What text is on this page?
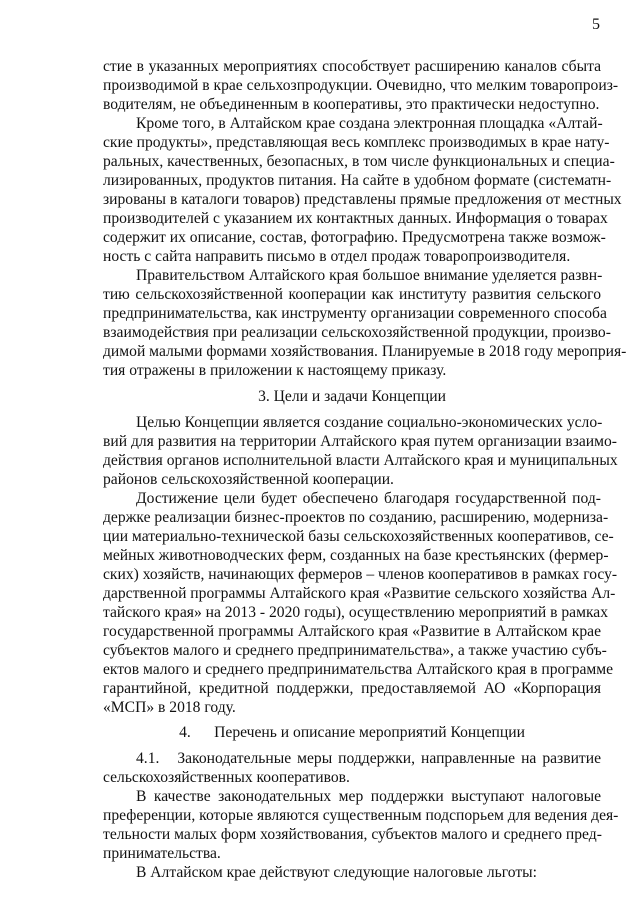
5
стие в указанных мероприятиях способствует расширению каналов сбыта
производимой в крае сельхозпродукции. Очевидно, что мелким товаропроиз-
водителям, не объединенным в кооперативы, это практически недоступно.
Кроме того, в Алтайском крае создана электронная площадка «Алтай-
ские продукты», представляющая весь комплекс производимых в крае нату-
ральных, качественных, безопасных, в том числе функциональных и специа-
лизированных, продуктов питания. На сайте в удобном формате (систематн-
зированы в каталоги товаров) представлены прямые предложения от местных
производителей с указанием их контактных данных. Информация о товарах
содержит их описание, состав, фотографию. Предусмотрена также возмож-
ность с сайта направить письмо в отдел продаж товаропроизводителя.
Правительством Алтайского края большое внимание уделяется развн-
тию сельскохозяйственной кооперации как институту развития сельского
предпринимательства, как инструменту организации современного способа
взаимодействия при реализации сельскохозяйственной продукции, произво-
димой малыми формами хозяйствования. Планируемые в 2018 году мероприя-
тия отражены в приложении к настоящему приказу.
3. Цели и задачи Концепции
Целью Концепции является создание социально-экономических усло-
вий для развития на территории Алтайского края путем организации взаимо-
действия органов исполнительной власти Алтайского края и муниципальных
районов сельскохозяйственной кооперации.
Достижение цели будет обеспечено благодаря государственной под-
держке реализации бизнес-проектов по созданию, расширению, модерниза-
ции материально-технической базы сельскохозяйственных кооперативов, се-
мейных животноводческих ферм, созданных на базе крестьянских (фермер-
ских) хозяйств, начинающих фермеров – членов кооперативов в рамках госу-
дарственной программы Алтайского края «Развитие сельского хозяйства Ал-
тайского края» на 2013 - 2020 годы), осуществлению мероприятий в рамках
государственной программы Алтайского края «Развитие в Алтайском крае
субъектов малого и среднего предпринимательства», а также участию субъ-
ектов малого и среднего предпринимательства Алтайского края в программе
гарантийной, кредитной поддержки, предоставляемой АО «Корпорация
«МСП» в 2018 году.
4.      Перечень и описание мероприятий Концепции
4.1.   Законодательные меры поддержки, направленные на развитие
сельскохозяйственных кооперативов.
В качестве законодательных мер поддержки выступают налоговые
преференции, которые являются существенным подспорьем для ведения дея-
тельности малых форм хозяйствования, субъектов малого и среднего пред-
принимательства.
В Алтайском крае действуют следующие налоговые льготы:
